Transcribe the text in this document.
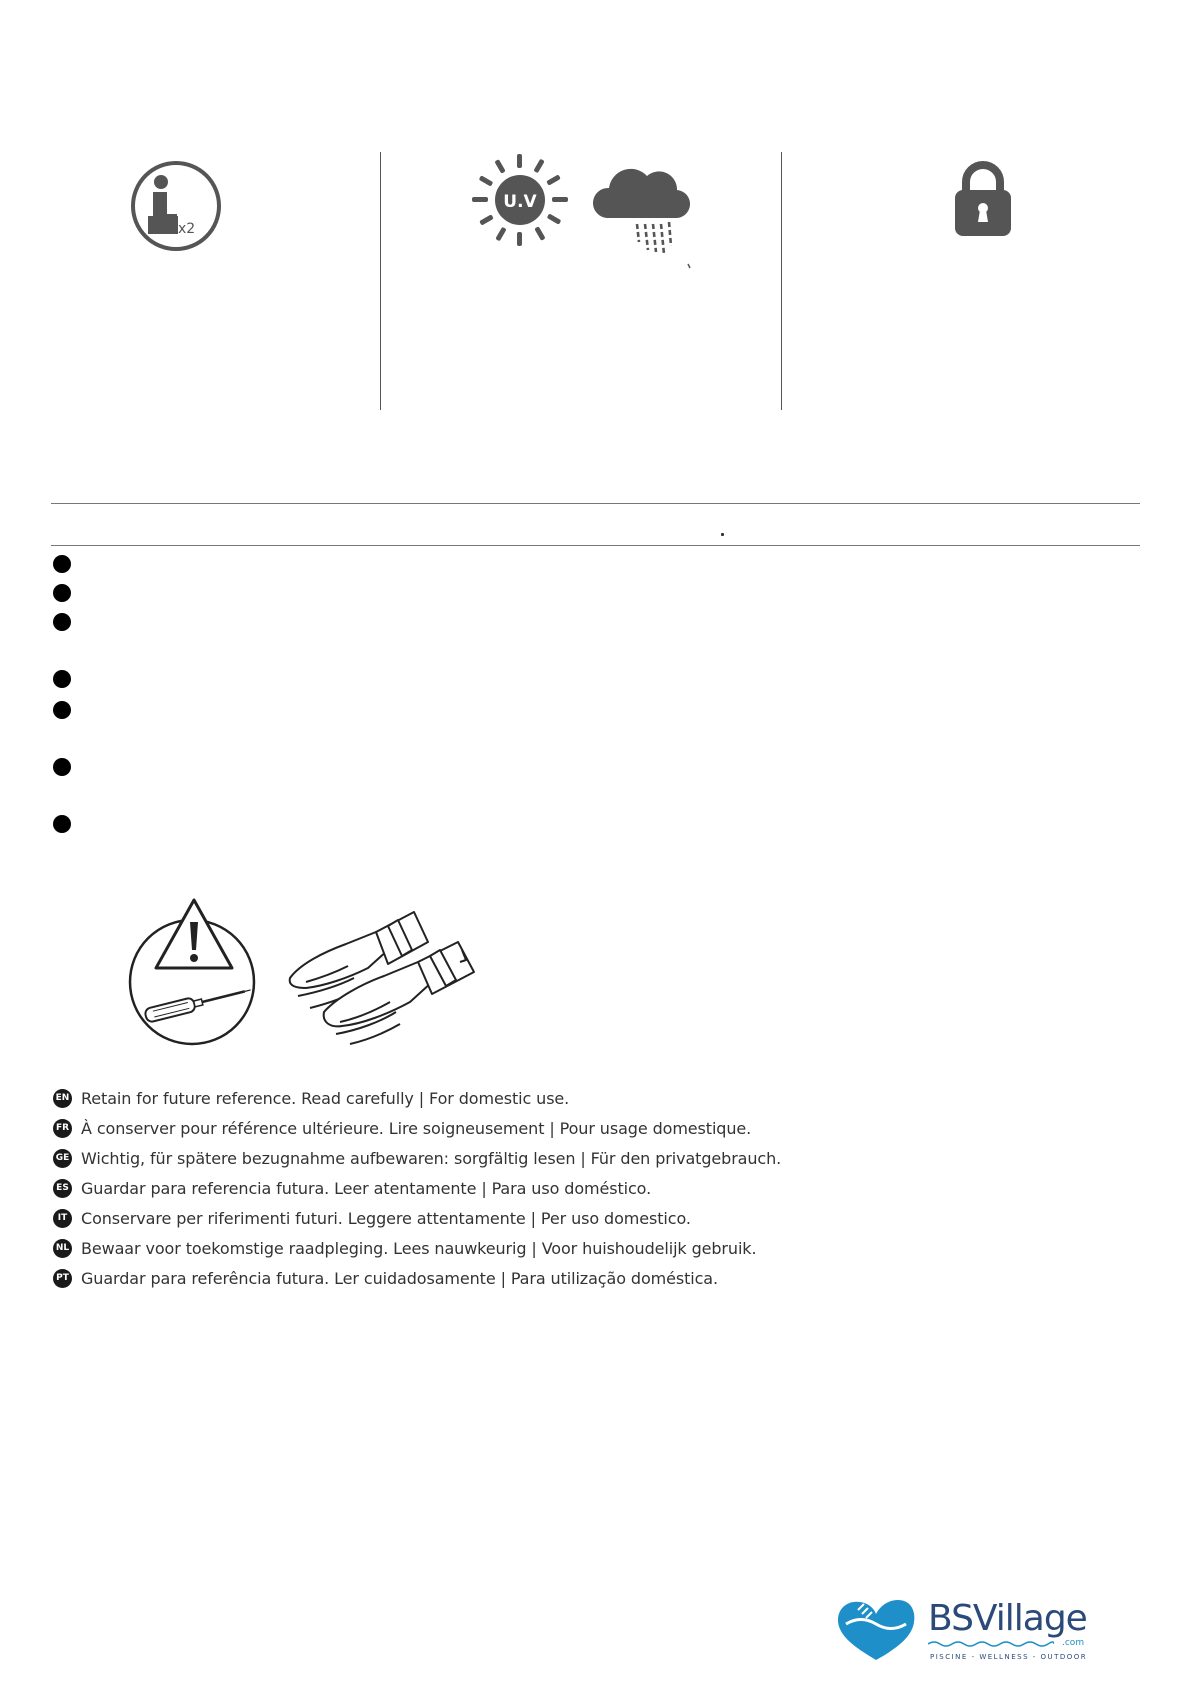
x2
U.V
EN Retain for future reference. Read carefully | For domestic use.
FR À conserver pour référence ultérieure. Lire soigneusement | Pour usage domestique.
GE Wichtig, für spätere bezugnahme aufbewaren: sorgfältig lesen | Für den privatgebrauch.
ES Guardar para referencia futura. Leer atentamente | Para uso doméstico.
IT Conservare per riferimenti futuri. Leggere attentamente | Per uso domestico.
NL Bewaar voor toekomstige raadpleging. Lees nauwkeurig | Voor huishoudelijk gebruik.
PT Guardar para referência futura. Ler cuidadosamente | Para utilização doméstica.
BSVillage
.com
PISCINE - WELLNESS - OUTDOOR
